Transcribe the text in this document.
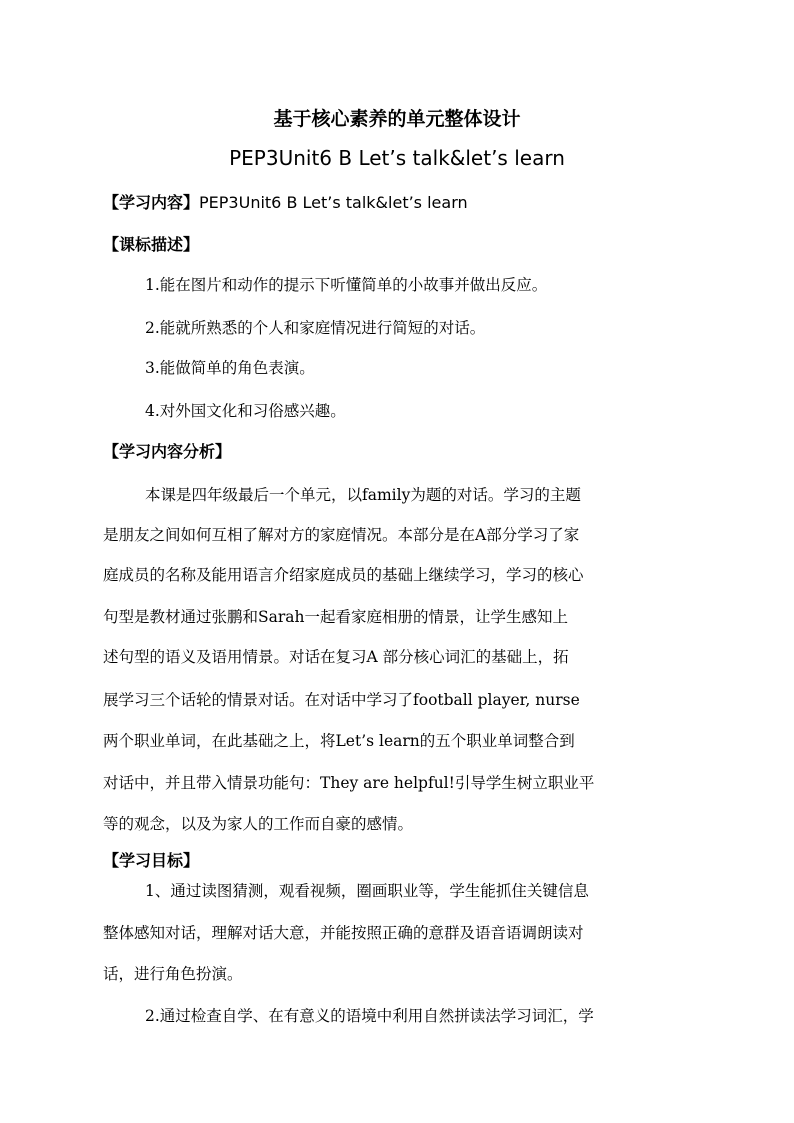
基于核心素养的单元整体设计
PEP3Unit6 B Let’s talk&let’s learn
【学习内容】PEP3Unit6 B Let’s talk&let’s learn
【课标描述】
1.能在图片和动作的提示下听懂简单的小故事并做出反应。
2.能就所熟悉的个人和家庭情况进行简短的对话。
3.能做简单的角色表演。
4.对外国文化和习俗感兴趣。
【学习内容分析】
本课是四年级最后一个单元，以family为题的对话。学习的主题
是朋友之间如何互相了解对方的家庭情况。本部分是在A部分学习了家
庭成员的名称及能用语言介绍家庭成员的基础上继续学习，学习的核心
句型是教材通过张鹏和Sarah一起看家庭相册的情景，让学生感知上
述句型的语义及语用情景。对话在复习A 部分核心词汇的基础上，拓
展学习三个话轮的情景对话。在对话中学习了football player, nurse
两个职业单词，在此基础之上，将Let’s learn的五个职业单词整合到
对话中，并且带入情景功能句：They are helpful!引导学生树立职业平
等的观念，以及为家人的工作而自豪的感情。
【学习目标】
1、通过读图猜测，观看视频，圈画职业等，学生能抓住关键信息
整体感知对话，理解对话大意，并能按照正确的意群及语音语调朗读对
话，进行角色扮演。
2.通过检查自学、在有意义的语境中利用自然拼读法学习词汇，学
